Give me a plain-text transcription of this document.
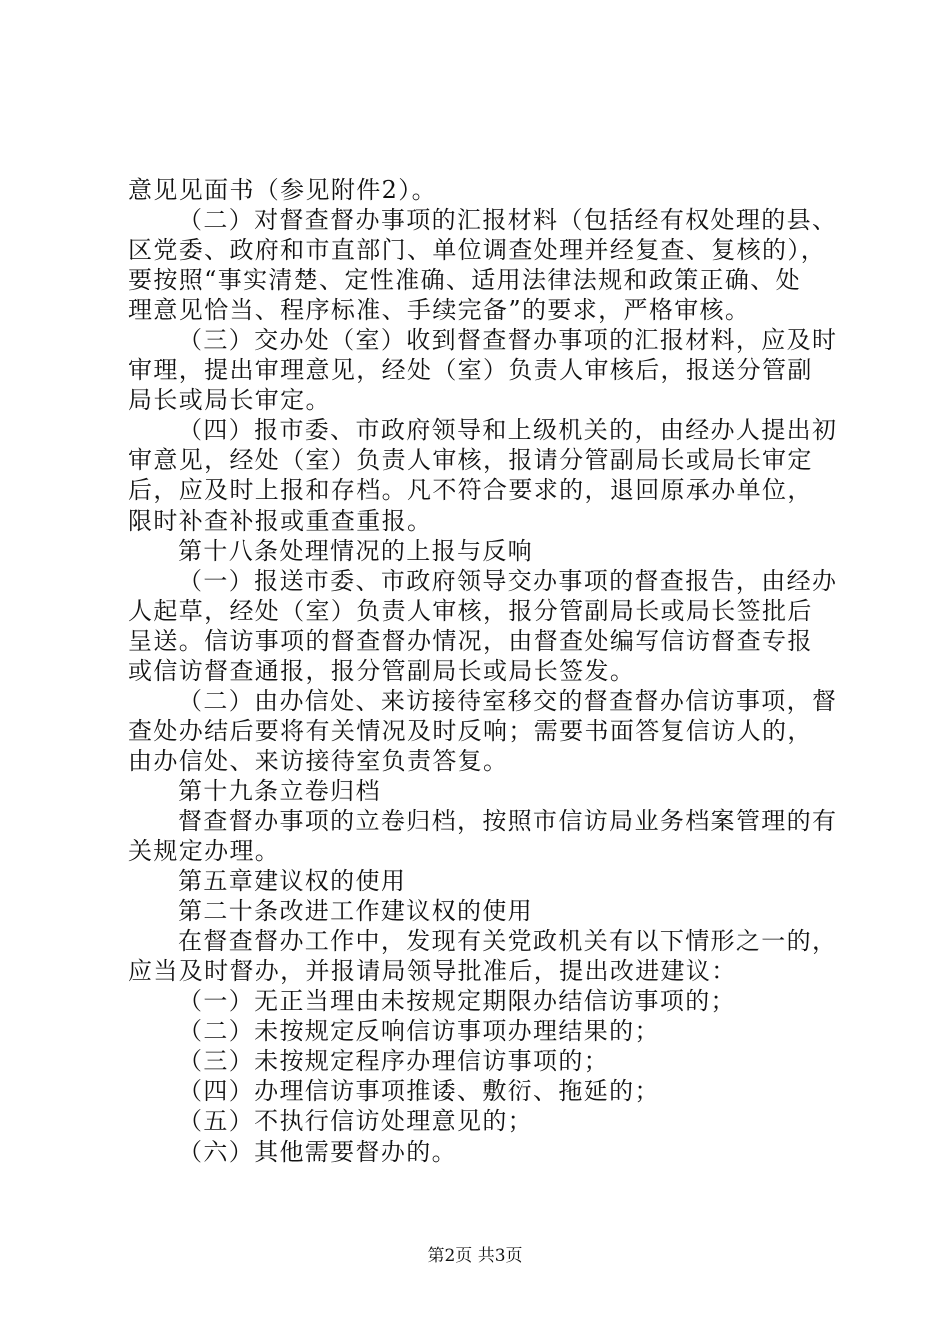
意见见面书（参见附件2）。
（二）对督查督办事项的汇报材料（包括经有权处理的县、
区党委、政府和市直部门、单位调查处理并经复查、复核的），
要按照“事实清楚、定性准确、适用法律法规和政策正确、处
理意见恰当、程序标准、手续完备”的要求，严格审核。
（三）交办处（室）收到督查督办事项的汇报材料，应及时
审理，提出审理意见，经处（室）负责人审核后，报送分管副
局长或局长审定。
（四）报市委、市政府领导和上级机关的，由经办人提出初
审意见，经处（室）负责人审核，报请分管副局长或局长审定
后，应及时上报和存档。凡不符合要求的，退回原承办单位，
限时补查补报或重查重报。
第十八条处理情况的上报与反响
（一）报送市委、市政府领导交办事项的督查报告，由经办
人起草，经处（室）负责人审核，报分管副局长或局长签批后
呈送。信访事项的督查督办情况，由督查处编写信访督查专报
或信访督查通报，报分管副局长或局长签发。
（二）由办信处、来访接待室移交的督查督办信访事项，督
查处办结后要将有关情况及时反响；需要书面答复信访人的，
由办信处、来访接待室负责答复。
第十九条立卷归档
督查督办事项的立卷归档，按照市信访局业务档案管理的有
关规定办理。
第五章建议权的使用
第二十条改进工作建议权的使用
在督查督办工作中，发现有关党政机关有以下情形之一的，
应当及时督办，并报请局领导批准后，提出改进建议：
（一）无正当理由未按规定期限办结信访事项的；
（二）未按规定反响信访事项办理结果的；
（三）未按规定程序办理信访事项的；
（四）办理信访事项推诿、敷衍、拖延的；
（五）不执行信访处理意见的；
（六）其他需要督办的。
第2页 共3页
